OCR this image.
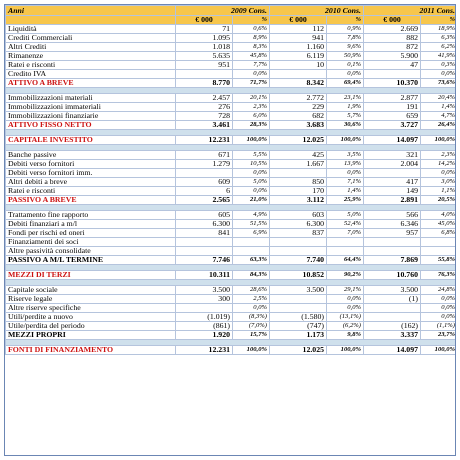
Anni	2009 Cons.		2010 Cons.		2011 Cons.	
	€ 000	%	€ 000	%	€ 000	%
Liquidità	71	0,6%	112	0,9%	2.669	18,9%
Crediti Commerciali	1.095	8,9%	941	7,8%	882	6,3%
Altri Crediti	1.018	8,3%	1.160	9,6%	872	6,2%
Rimanenze	5.635	45,8%	6.119	50,9%	5.900	41,9%
Ratei e risconti	951	7,7%	10	0,1%	47	0,3%
Credito IVA		0,0%		0,0%		0,0%
ATTIVO A BREVE	8.770	71,7%	8.342	69,4%	10.370	73,6%

Immobilizzazioni materiali	2.457	20,1%	2.772	23,1%	2.877	20,4%
Immobilizzazioni immateriali	276	2,3%	229	1,9%	191	1,4%
Immobilizzazioni finanziarie	728	6,0%	682	5,7%	659	4,7%
ATTIVO FISSO NETTO	3.461	28,3%	3.683	30,6%	3.727	26,4%

CAPITALE INVESTITO	12.231	100,0%	12.025	100,0%	14.097	100,0%

Banche passive	671	5,5%	425	3,5%	321	2,3%
Debiti verso fornitori	1.279	10,5%	1.667	13,9%	2.004	14,2%
Debiti verso fornitori imm.		0,0%		0,0%		0,0%
Altri debiti a breve	609	5,0%	850	7,1%	417	3,0%
Ratei e risconti	6	0,0%	170	1,4%	149	1,1%
PASSIVO A BREVE	2.565	21,0%	3.112	25,9%	2.891	20,5%

Trattamento fine rapporto	605	4,9%	603	5,0%	566	4,0%
Debiti finanziari a m/l	6.300	51,5%	6.300	52,4%	6.346	45,0%
Fondi per rischi ed oneri	841	6,9%	837	7,0%	957	6,8%
Finanziamenti dei soci						
Altre passività consolidate						
PASSIVO A M/L TERMINE	7.746	63,3%	7.740	64,4%	7.869	55,8%

MEZZI DI TERZI	10.311	84,3%	10.852	90,2%	10.760	76,3%

Capitale sociale	3.500	28,6%	3.500	29,1%	3.500	24,8%
Riserve legale	300	2,5%		0,0%	(1)	0,0%
Altre riserve specifiche		0,0%		0,0%		0,0%
Utili/perdite a nuovo	(1.019)	(8,3%)	(1.580)	(13,1%)		0,0%
Utile/perdita del periodo	(861)	(7,0%)	(747)	(6,2%)	(162)	(1,1%)
MEZZI PROPRI	1.920	15,7%	1.173	9,8%	3.337	23,7%

FONTI DI FINANZIAMENTO	12.231	100,0%	12.025	100,0%	14.097	100,0%
